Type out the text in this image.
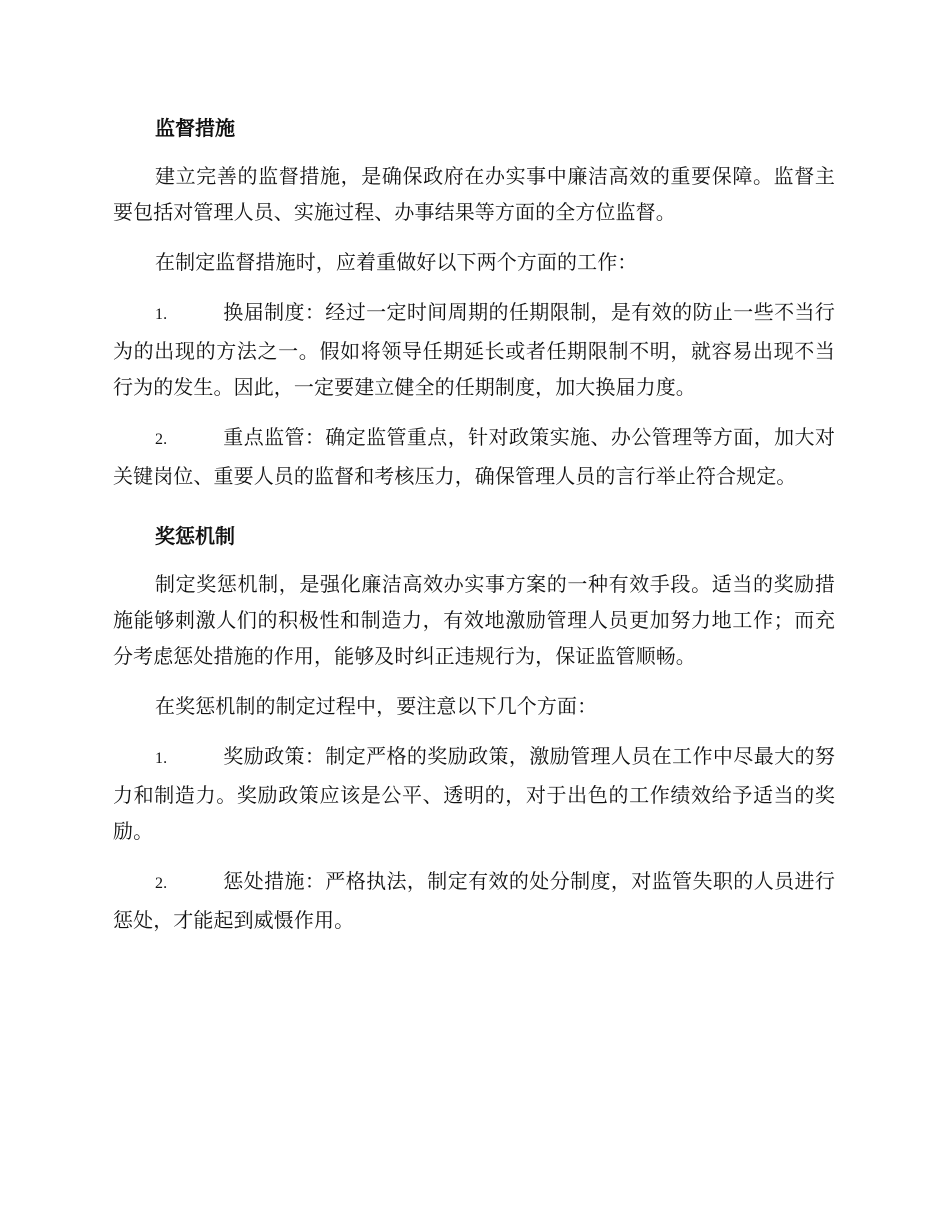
监督措施

建立完善的监督措施，是确保政府在办实事中廉洁高效的重要保障。监督主要包括对管理人员、实施过程、办事结果等方面的全方位监督。

在制定监督措施时，应着重做好以下两个方面的工作：

1.	换届制度：经过一定时间周期的任期限制，是有效的防止一些不当行为的出现的方法之一。假如将领导任期延长或者任期限制不明，就容易出现不当行为的发生。因此，一定要建立健全的任期制度，加大换届力度。

2.	重点监管：确定监管重点，针对政策实施、办公管理等方面，加大对关键岗位、重要人员的监督和考核压力，确保管理人员的言行举止符合规定。

奖惩机制

制定奖惩机制，是强化廉洁高效办实事方案的一种有效手段。适当的奖励措施能够刺激人们的积极性和制造力，有效地激励管理人员更加努力地工作；而充分考虑惩处措施的作用，能够及时纠正违规行为，保证监管顺畅。

在奖惩机制的制定过程中，要注意以下几个方面：

1.	奖励政策：制定严格的奖励政策，激励管理人员在工作中尽最大的努力和制造力。奖励政策应该是公平、透明的，对于出色的工作绩效给予适当的奖励。

2.	惩处措施：严格执法，制定有效的处分制度，对监管失职的人员进行惩处，才能起到威慑作用。
